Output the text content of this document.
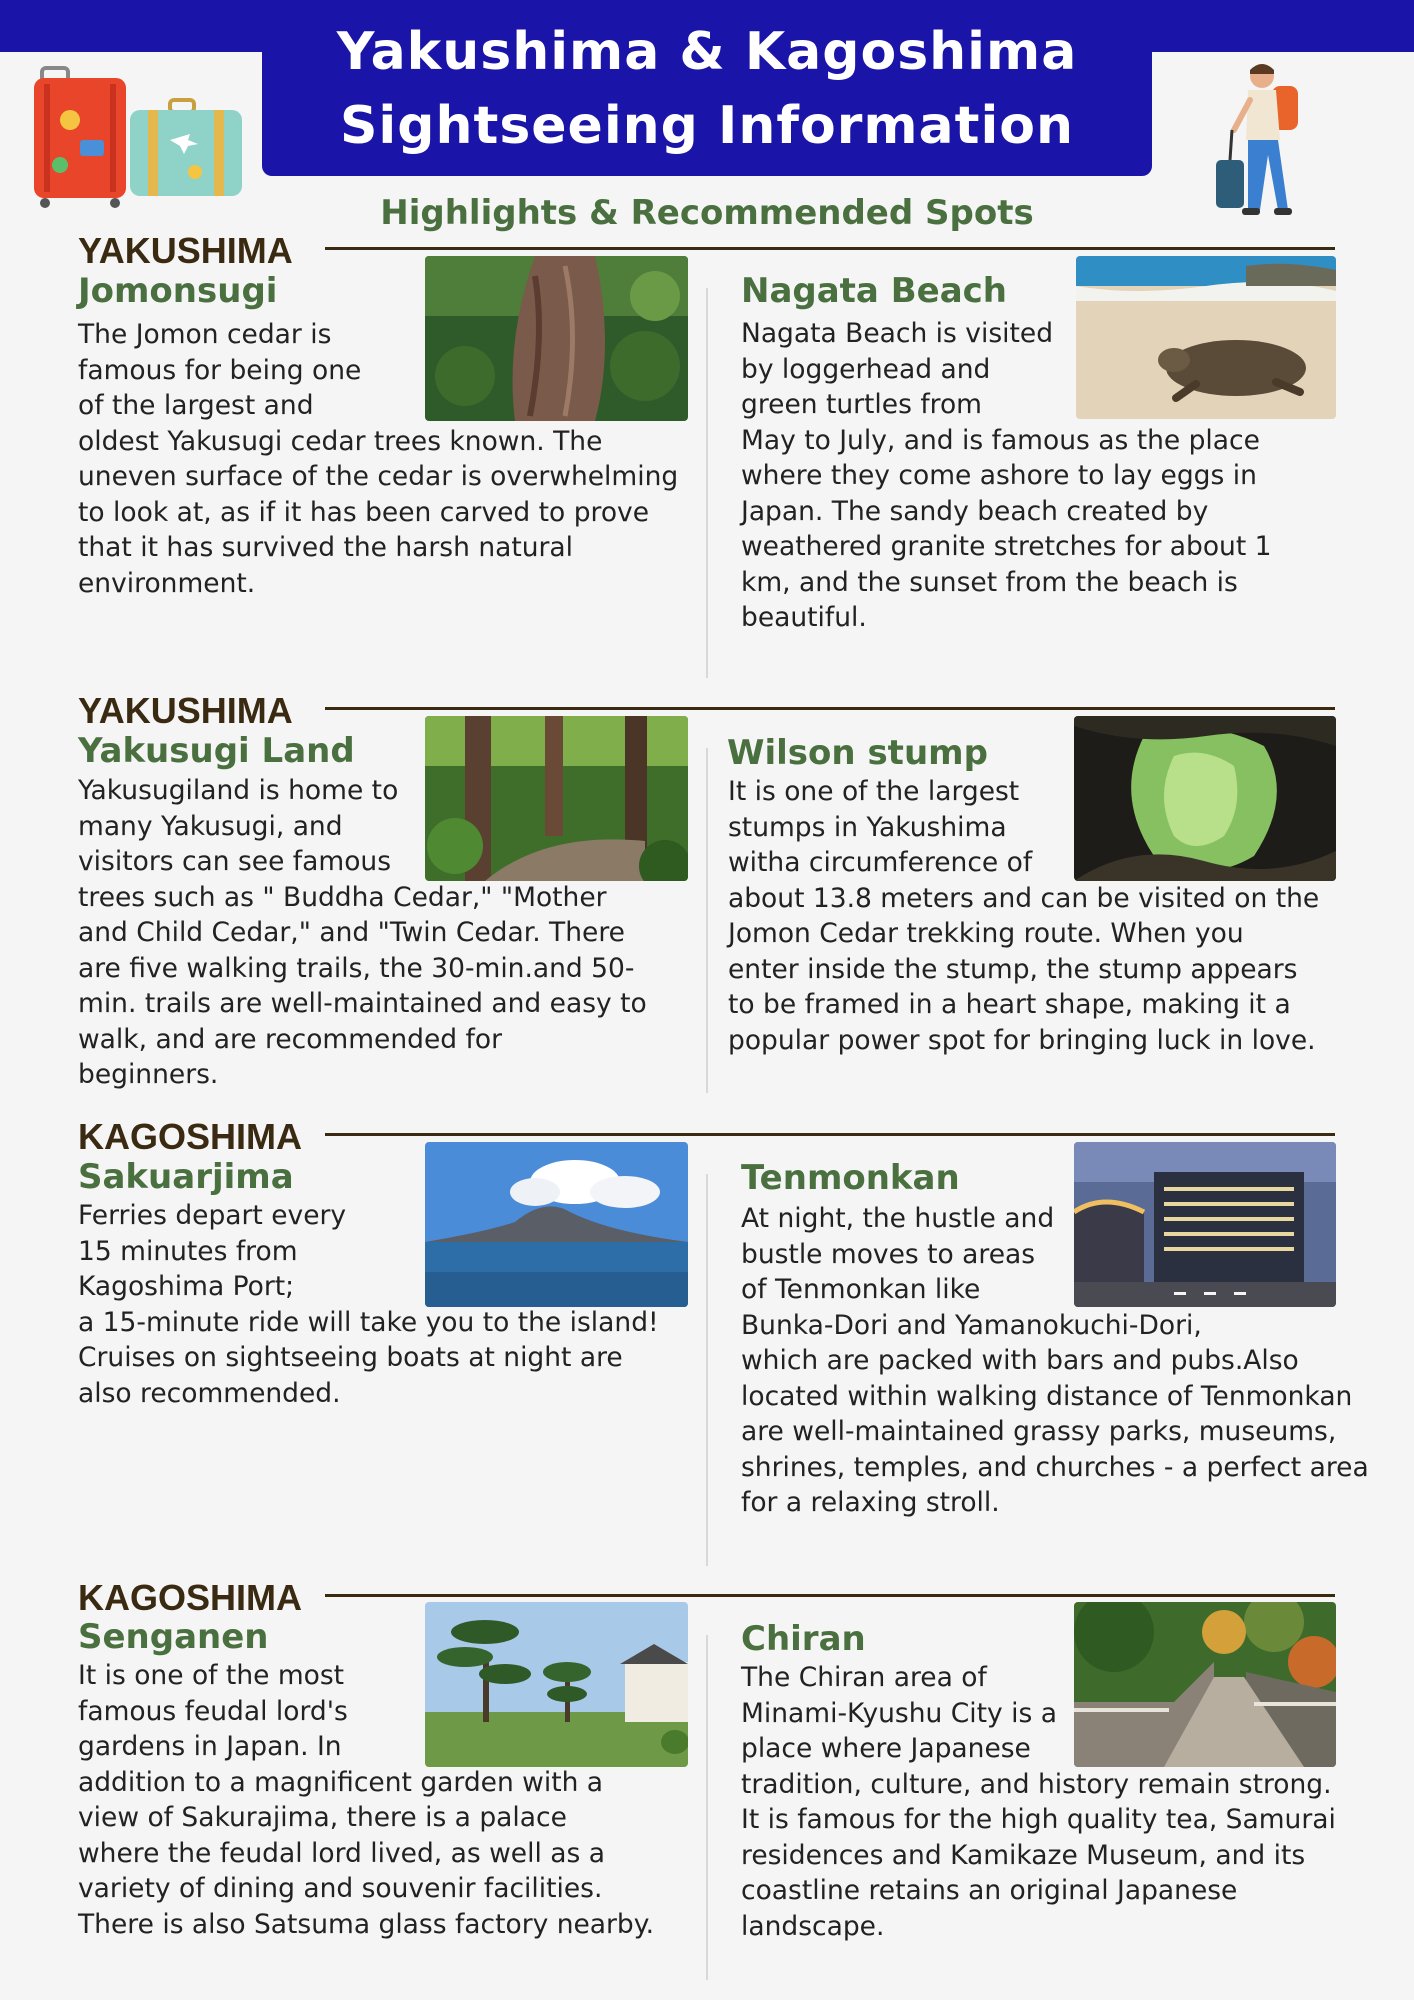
Yakushima & Kagoshima
Sightseeing Information
Highlights & Recommended Spots
YAKUSHIMA
Jomonsugi
The Jomon cedar is
famous for being one
of the largest and
oldest Yakusugi cedar trees known. The
uneven surface of the cedar is overwhelming
to look at, as if it has been carved to prove
that it has survived the harsh natural
environment.
Nagata Beach
Nagata Beach is visited
by loggerhead and
green turtles from
May to July, and is famous as the place
where they come ashore to lay eggs in
Japan. The sandy beach created by
weathered granite stretches for about 1
km, and the sunset from the beach is
beautiful.
YAKUSHIMA
Yakusugi Land
Yakusugiland is home to
many Yakusugi, and
visitors can see famous
trees such as " Buddha Cedar," "Mother
and Child Cedar," and "Twin Cedar. There
are five walking trails, the 30-min.and 50-
min. trails are well-maintained and easy to
walk, and are recommended for
beginners.
Wilson stump
It is one of the largest
stumps in Yakushima
witha circumference of
about 13.8 meters and can be visited on the
Jomon Cedar trekking route. When you
enter inside the stump, the stump appears
to be framed in a heart shape, making it a
popular power spot for bringing luck in love.
KAGOSHIMA
Sakuarjima
Ferries depart every
15 minutes from
Kagoshima Port;
a 15-minute ride will take you to the island!
Cruises on sightseeing boats at night are
also recommended.
Tenmonkan
At night, the hustle and
bustle moves to areas
of Tenmonkan like
Bunka-Dori and Yamanokuchi-Dori,
which are packed with bars and pubs.Also
located within walking distance of Tenmonkan
are well-maintained grassy parks, museums,
shrines, temples, and churches - a perfect area
for a relaxing stroll.
KAGOSHIMA
Senganen
It is one of the most
famous feudal lord's
gardens in Japan. In
addition to a magnificent garden with a
view of Sakurajima, there is a palace
where the feudal lord lived, as well as a
variety of dining and souvenir facilities.
There is also Satsuma glass factory nearby.
Chiran
The Chiran area of
Minami-Kyushu City is a
place where Japanese
tradition, culture, and history remain strong.
It is famous for the high quality tea, Samurai
residences and Kamikaze Museum, and its
coastline retains an original Japanese
landscape.
